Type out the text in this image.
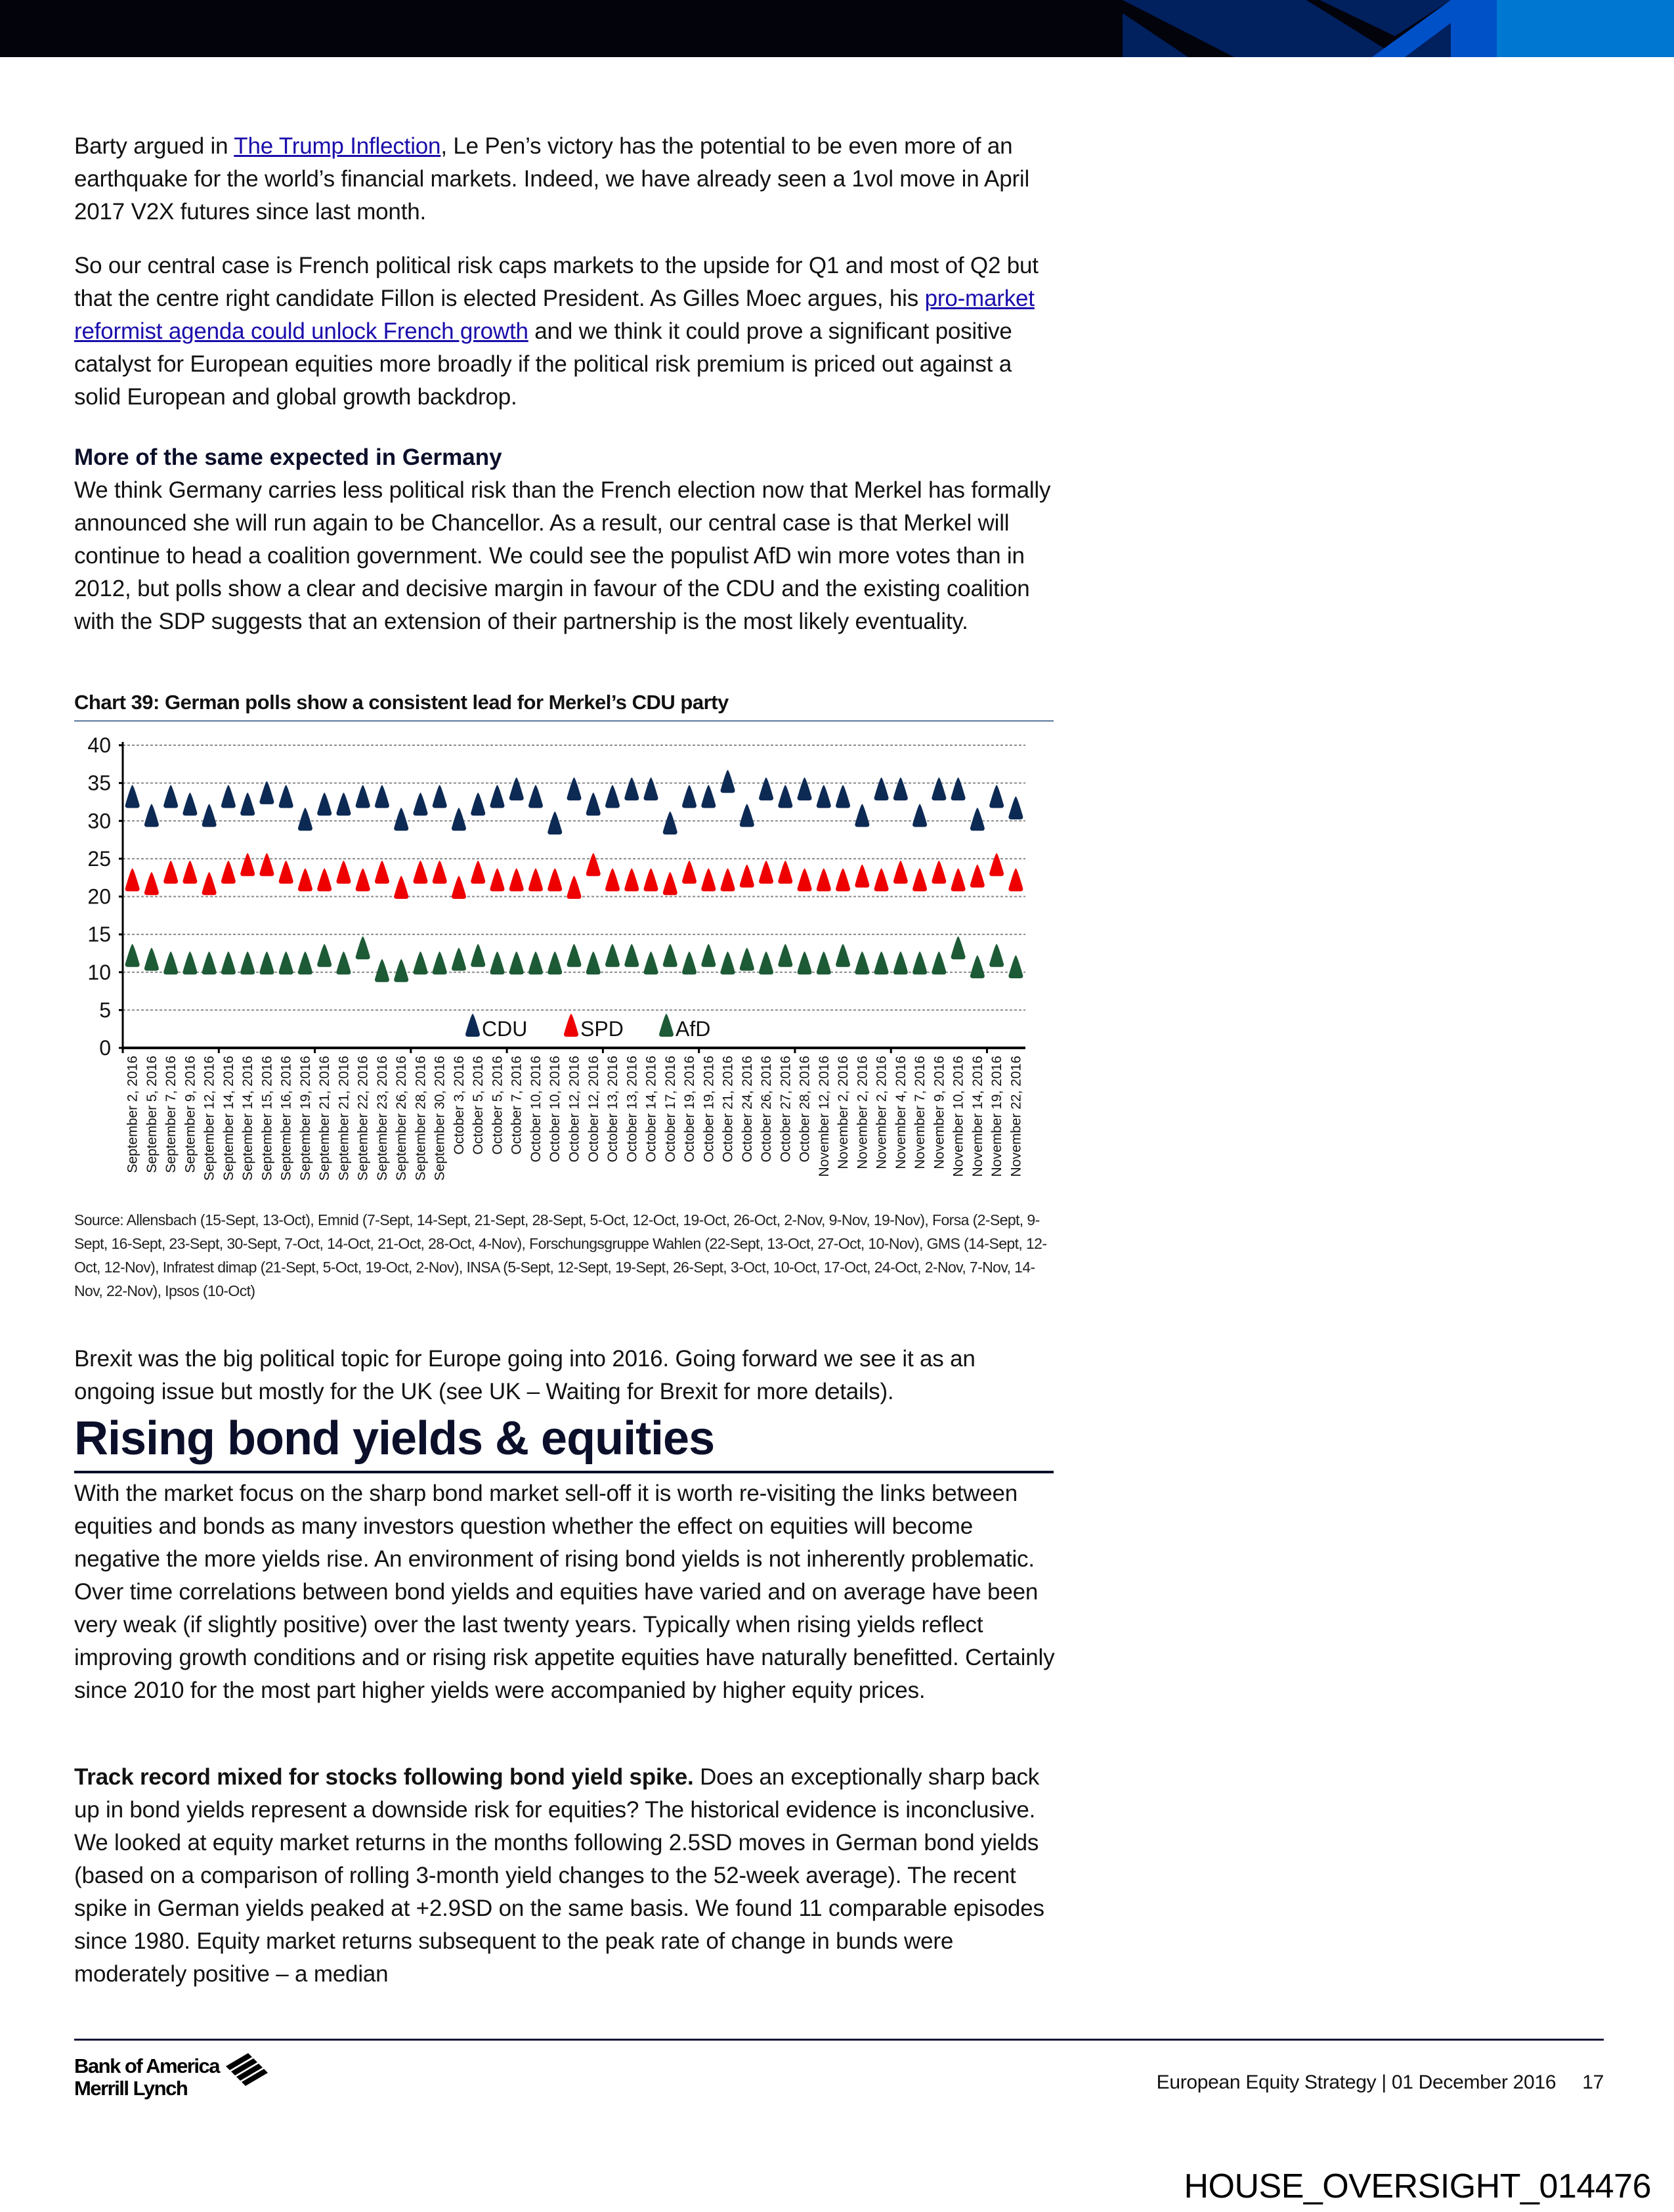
Barty argued in The Trump Inflection, Le Pen’s victory has the potential to be even more of an earthquake for the world’s financial markets. Indeed, we have already seen a 1vol move in April 2017 V2X futures since last month.

So our central case is French political risk caps markets to the upside for Q1 and most of Q2 but that the centre right candidate Fillon is elected President. As Gilles Moec argues, his pro-market reformist agenda could unlock French growth and we think it could prove a significant positive catalyst for European equities more broadly if the political risk premium is priced out against a solid European and global growth backdrop.

More of the same expected in Germany

We think Germany carries less political risk than the French election now that Merkel has formally announced she will run again to be Chancellor. As a result, our central case is that Merkel will continue to head a coalition government. We could see the populist AfD win more votes than in 2012, but polls show a clear and decisive margin in favour of the CDU and the existing coalition with the SDP suggests that an extension of their partnership is the most likely eventuality.

Chart 39: German polls show a consistent lead for Merkel’s CDU party
0
5
10
15
20
25
30
35
40
September 2, 2016 September 5, 2016 September 7, 2016 September 9, 2016 September 12, 2016 September 14, 2016 September 14, 2016 September 15, 2016 September 16, 2016 September 19, 2016 September 21, 2016 September 21, 2016 September 22, 2016 September 23, 2016 September 26, 2016 September 28, 2016 September 30, 2016 October 3, 2016 October 5, 2016 October 5, 2016 October 7, 2016 October 10, 2016 October 10, 2016 October 12, 2016 October 12, 2016 October 13, 2016 October 13, 2016 October 14, 2016 October 17, 2016 October 19, 2016 October 19, 2016 October 21, 2016 October 24, 2016 October 26, 2016 October 27, 2016 October 28, 2016 November 12, 2016 November 2, 2016 November 2, 2016 November 2, 2016 November 4, 2016 November 7, 2016 November 9, 2016 November 10, 2016 November 14, 2016 November 19, 2016 November 22, 2016
CDU	SPD AfD
Source: Allensbach (15-Sept, 13-Oct), Emnid (7-Sept, 14-Sept, 21-Sept, 28-Sept, 5-Oct, 12-Oct, 19-Oct, 26-Oct, 2-Nov, 9-Nov, 19-Nov), Forsa (2-Sept, 9-Sept, 16-Sept, 23-Sept, 30-Sept, 7-Oct, 14-Oct, 21-Oct, 28-Oct, 4-Nov), Forschungsgruppe Wahlen (22-Sept, 13-Oct, 27-Oct, 10-Nov), GMS (14-Sept, 12-Oct, 12-Nov), Infratest dimap (21-Sept, 5-Oct, 19-Oct, 2-Nov), INSA (5-Sept, 12-Sept, 19-Sept, 26-Sept, 3-Oct, 10-Oct, 17-Oct, 24-Oct, 2-Nov, 7-Nov, 14-Nov, 22-Nov), Ipsos (10-Oct)

Brexit was the big political topic for Europe going into 2016. Going forward we see it as an ongoing issue but mostly for the UK (see UK – Waiting for Brexit for more details).

Rising bond yields & equities

With the market focus on the sharp bond market sell-off it is worth re-visiting the links between equities and bonds as many investors question whether the effect on equities will become negative the more yields rise. An environment of rising bond yields is not inherently problematic. Over time correlations between bond yields and equities have varied and on average have been very weak (if slightly positive) over the last twenty years. Typically when rising yields reflect improving growth conditions and or rising risk appetite equities have naturally benefitted. Certainly since 2010 for the most part higher yields were accompanied by higher equity prices.

Track record mixed for stocks following bond yield spike. Does an exceptionally sharp back up in bond yields represent a downside risk for equities? The historical evidence is inconclusive. We looked at equity market returns in the months following 2.5SD moves in German bond yields (based on a comparison of rolling 3-month yield changes to the 52-week average). The recent spike in German yields peaked at +2.9SD on the same basis. We found 11 comparable episodes since 1980. Equity market returns subsequent to the peak rate of change in bunds were moderately positive – a median

Bank of America
Merrill Lynch	European Equity Strategy | 01 December 2016 17
HOUSE_OVERSIGHT_014476
